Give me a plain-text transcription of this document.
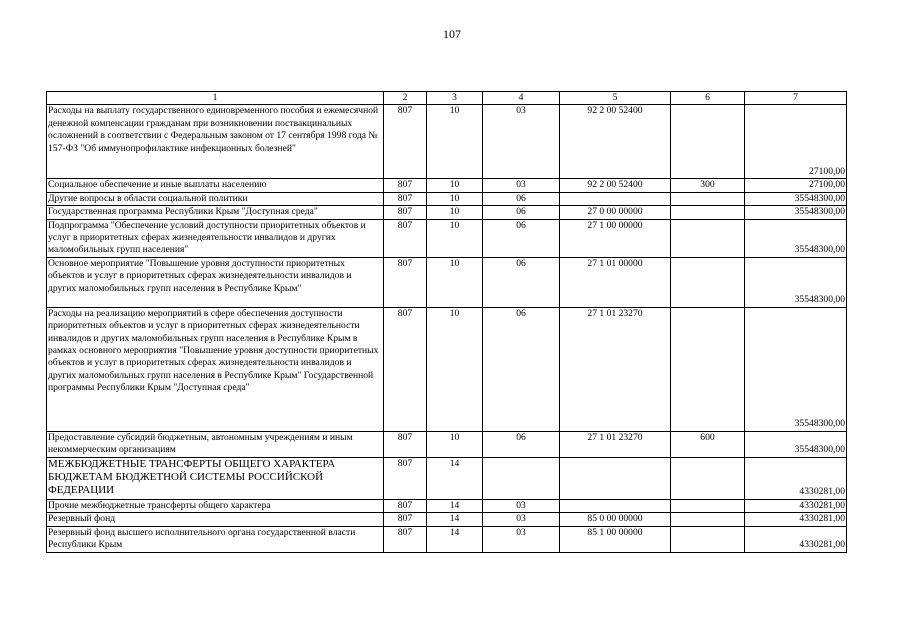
107
1	2	3	4	5	6	7
Расходы на выплату государственного единовременного пособия и ежемесячной денежной компенсации гражданам при возникновении поствакцинальных осложнений в соответствии с Федеральным законом от 17 сентября 1998 года № 157-ФЗ "Об иммунопрофилактике инфекционных болезней"	807	10	03	92 2 00 52400		27100,00
Социальное обеспечение и иные выплаты населению	807	10	03	92 2 00 52400	300	27100,00
Другие вопросы в области социальной политики	807	10	06			35548300,00
Государственная программа Республики Крым "Доступная среда"	807	10	06	27 0 00 00000		35548300,00
Подпрограмма "Обеспечение условий доступности приоритетных объектов и услуг в приоритетных сферах жизнедеятельности инвалидов и других маломобильных групп населения"	807	10	06	27 1 00 00000		35548300,00
Основное мероприятие "Повышение уровня доступности приоритетных объектов и услуг в приоритетных сферах жизнедеятельности инвалидов и других маломобильных групп населения в Республике Крым"	807	10	06	27 1 01 00000		35548300,00
Расходы на реализацию мероприятий в сфере обеспечения доступности приоритетных объектов и услуг в приоритетных сферах жизнедеятельности инвалидов и других маломобильных групп населения в Республике Крым в рамках основного мероприятия "Повышение уровня доступности приоритетных объектов и услуг в приоритетных сферах жизнедеятельности инвалидов и других маломобильных групп населения в Республике Крым" Государственной программы Республики Крым "Доступная среда"	807	10	06	27 1 01 23270		35548300,00
Предоставление субсидий бюджетным, автономным учреждениям и иным некоммерческим организациям	807	10	06	27 1 01 23270	600	35548300,00
МЕЖБЮДЖЕТНЫЕ ТРАНСФЕРТЫ ОБЩЕГО ХАРАКТЕРА БЮДЖЕТАМ БЮДЖЕТНОЙ СИСТЕМЫ РОССИЙСКОЙ ФЕДЕРАЦИИ	807	14				4330281,00
Прочие межбюджетные трансферты общего характера	807	14	03			4330281,00
Резервный фонд	807	14	03	85 0 00 00000		4330281,00
Резервный фонд высшего исполнительного органа государственной власти Республики Крым	807	14	03	85 1 00 00000		4330281,00
